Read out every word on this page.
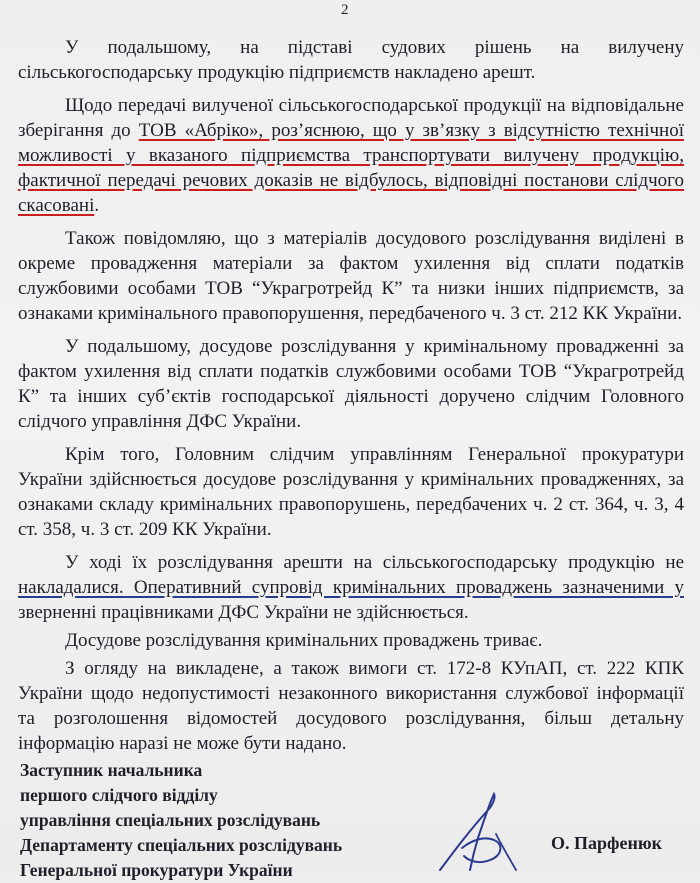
2

У подальшому, на підставі судових рішень на вилучену сільськогосподарську продукцію підприємств накладено арешт.

Щодо передачі вилученої сільськогосподарської продукції на відповідальне зберігання до ТОВ «Абріко», роз’яснюю, що у зв’язку з відсутністю технічної можливості у вказаного підприємства транспортувати вилучену продукцію, фактичної передачі речових доказів не відбулось, відповідні постанови слідчого скасовані.

Також повідомляю, що з матеріалів досудового розслідування виділені в окреме провадження матеріали за фактом ухилення від сплати податків службовими особами ТОВ “Украгротрейд К” та низки інших підприємств, за ознаками кримінального правопорушення, передбаченого ч. 3 ст. 212 КК України.

У подальшому, досудове розслідування у кримінальному провадженні за фактом ухилення від сплати податків службовими особами ТОВ “Украгротрейд К” та інших суб’єктів господарської діяльності доручено слідчим Головного слідчого управління ДФС України.

Крім того, Головним слідчим управлінням Генеральної прокуратури України здійснюється досудове розслідування у кримінальних провадженнях, за ознаками складу кримінальних правопорушень, передбачених ч. 2 ст. 364, ч. 3, 4 ст. 358, ч. 3 ст. 209 КК України.

У ході їх розслідування арешти на сільськогосподарську продукцію не накладалися. Оперативний супровід кримінальних проваджень зазначеними у зверненні працівниками ДФС України не здійснюється.

Досудове розслідування кримінальних проваджень триває.

З огляду на викладене, а також вимоги ст. 172-8 КУпАП, ст. 222 КПК України щодо недопустимості незаконного використання службової інформації та розголошення відомостей досудового розслідування, більш детальну інформацію наразі не може бути надано.

Заступник начальника
першого слідчого відділу
управління спеціальних розслідувань
Департаменту спеціальних розслідувань
Генеральної прокуратури України
О. Парфенюк
